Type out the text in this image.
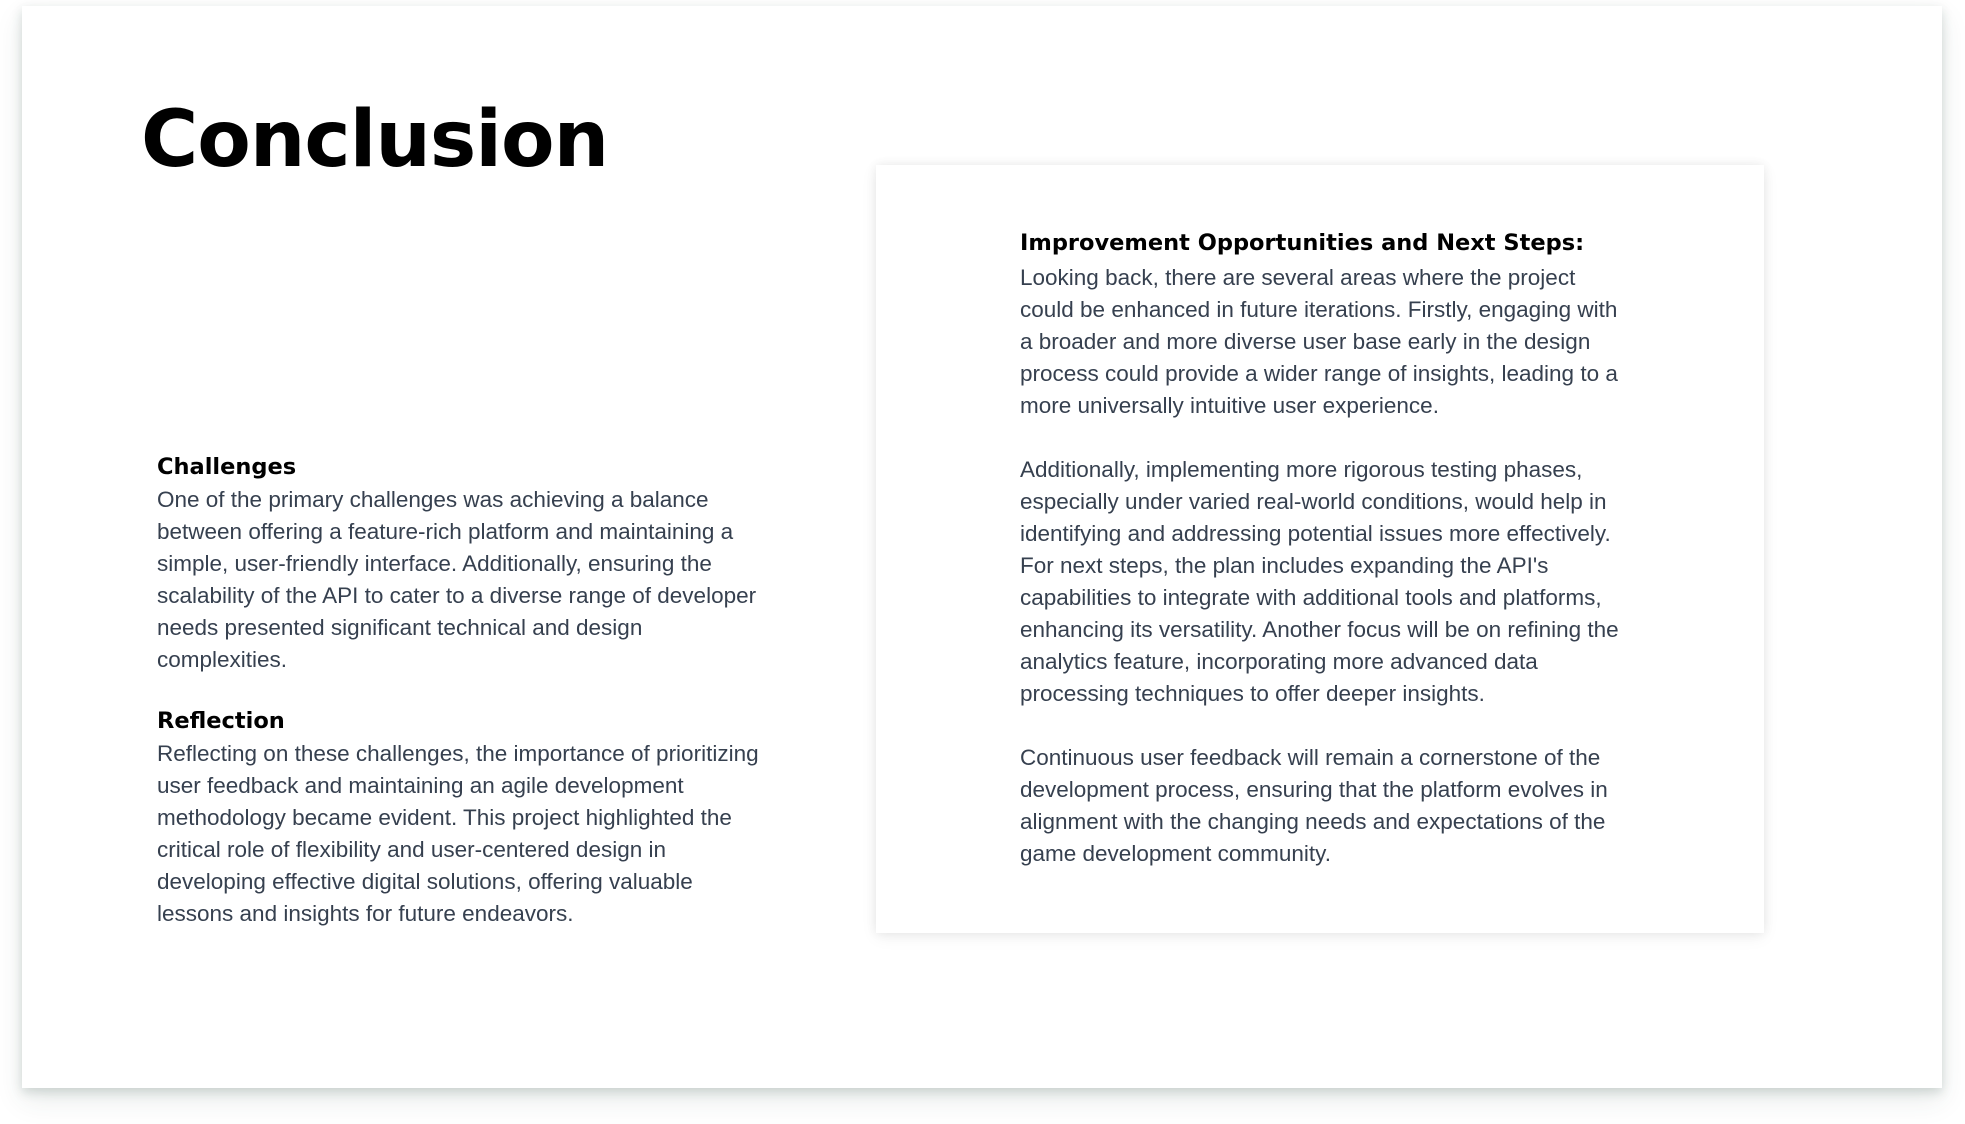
Conclusion
Challenges

One of the primary challenges was achieving a balance between offering a feature-rich platform and maintaining a simple, user-friendly interface. Additionally, ensuring the scalability of the API to cater to a diverse range of developer needs presented significant technical and design complexities.

Reflection

Reflecting on these challenges, the importance of prioritizing user feedback and maintaining an agile development methodology became evident. This project highlighted the critical role of flexibility and user-centered design in developing effective digital solutions, offering valuable lessons and insights for future endeavors.

Improvement Opportunities and Next Steps:

Looking back, there are several areas where the project could be enhanced in future iterations. Firstly, engaging with a broader and more diverse user base early in the design process could provide a wider range of insights, leading to a more universally intuitive user experience.

Additionally, implementing more rigorous testing phases, especially under varied real-world conditions, would help in identifying and addressing potential issues more effectively. For next steps, the plan includes expanding the API's capabilities to integrate with additional tools and platforms, enhancing its versatility. Another focus will be on refining the analytics feature, incorporating more advanced data processing techniques to offer deeper insights.

Continuous user feedback will remain a cornerstone of the development process, ensuring that the platform evolves in alignment with the changing needs and expectations of the game development community.
